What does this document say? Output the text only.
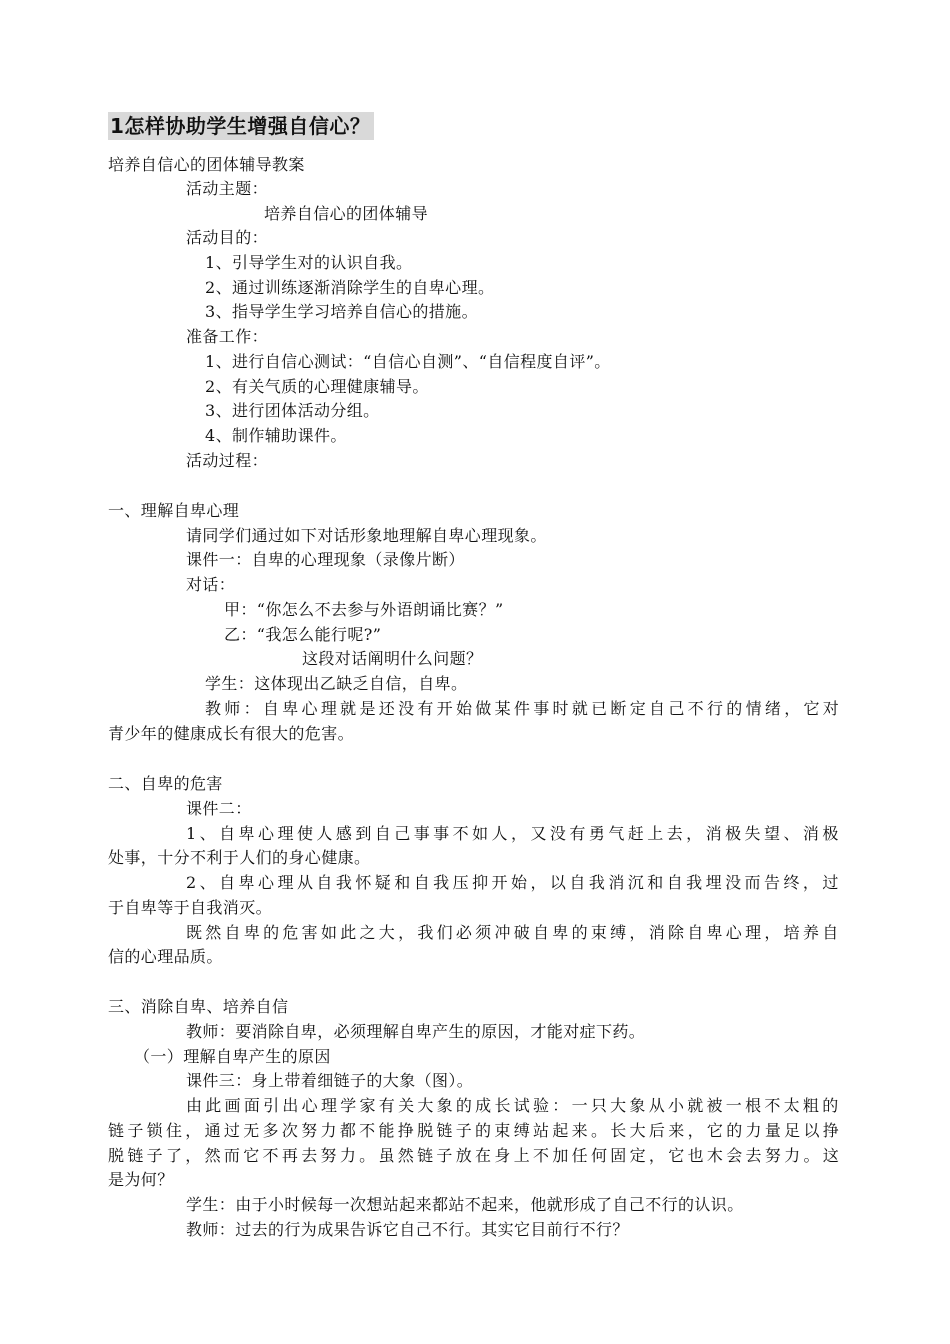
1怎样协助学生增强自信心？
培养自信心的团体辅导教案
活动主题：
培养自信心的团体辅导
活动目的：
1、引导学生对的认识自我。
2、通过训练逐渐消除学生的自卑心理。
3、指导学生学习培养自信心的措施。
准备工作：
1、进行自信心测试：“自信心自测”、“自信程度自评”。
2、有关气质的心理健康辅导。
3、进行团体活动分组。
4、制作辅助课件。
活动过程：
一、理解自卑心理
请同学们通过如下对话形象地理解自卑心理现象。
课件一：自卑的心理现象（录像片断）
对话：
甲：“你怎么不去参与外语朗诵比赛？”
乙：“我怎么能行呢?”
这段对话阐明什么问题？
学生：这体现出乙缺乏自信，自卑。
教师：自卑心理就是还没有开始做某件事时就已断定自己不行的情绪，它对
青少年的健康成长有很大的危害。
二、自卑的危害
课件二：
1、自卑心理使人感到自己事事不如人，又没有勇气赶上去，消极失望、消极
处事，十分不利于人们的身心健康。
2、自卑心理从自我怀疑和自我压抑开始，以自我消沉和自我埋没而告终，过
于自卑等于自我消灭。
既然自卑的危害如此之大，我们必须冲破自卑的束缚，消除自卑心理，培养自
信的心理品质。
三、消除自卑、培养自信
教师：要消除自卑，必须理解自卑产生的原因，才能对症下药。
（一）理解自卑产生的原因
课件三：身上带着细链子的大象（图）。
由此画面引出心理学家有关大象的成长试验：一只大象从小就被一根不太粗的
链子锁住，通过无多次努力都不能挣脱链子的束缚站起来。长大后来，它的力量足以挣
脱链子了，然而它不再去努力。虽然链子放在身上不加任何固定，它也木会去努力。这
是为何？
学生：由于小时候每一次想站起来都站不起来，他就形成了自己不行的认识。
教师：过去的行为成果告诉它自己不行。其实它目前行不行？
